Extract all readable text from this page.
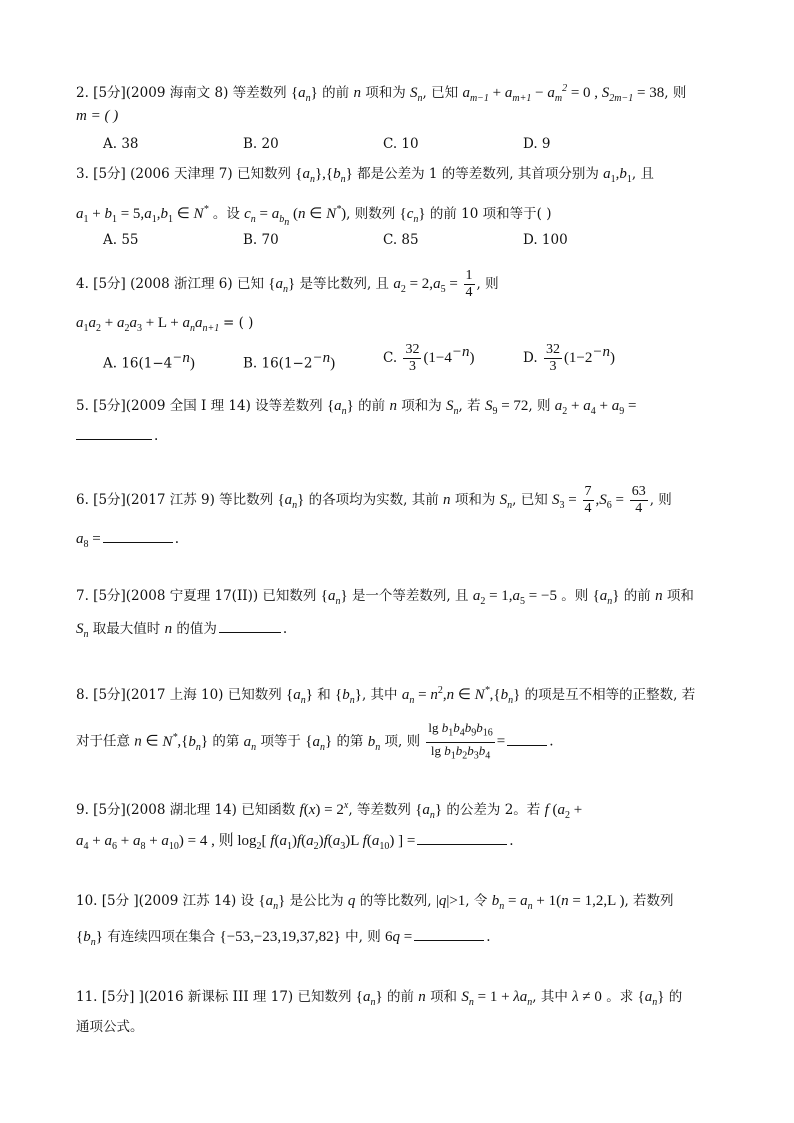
2. [5分](2009 海南文 8) 等差数列 $\{a_n\}$ 的前 n 项和为 $S_n$, 已知 $a_{m-1} + a_{m+1} - a_m^2 = 0$ , $S_{2m-1} = 38$, 则
m = ( )
A. 38	B. 20	C. 10	D. 9
3. [5分] (2006 天津理 7) 已知数列 $\{a_n\},\{b_n\}$ 都是公差为 1 的等差数列, 其首项分别为 $a_1,b_1$, 且
$a_1 + b_1 = 5,a_1,b_1$ ∈ N* 。设 $c_n = a_{b_n}$ (n ∈ N*), 则数列 $\{c_n\}$ 的前 10 项和等于( )
A. 55	B. 70	C. 85	D. 100
4. [5分] (2008 浙江理 6) 已知 $\{a_n\}$ 是等比数列, 且 $a_2 = 2,a_5 = \frac{1}{4}$ , 则
$a_1a_2 + a_2a_3 + L + a_na_{n+1}$ = ( )
A. $16(1-4^{-n})$	B. $16(1-2^{-n})$	C. $\frac{32}{3} (1-4^{-n})$	D. $\frac{32}{3} (1-2^{-n})$
5. [5分](2009 全国 I 理 14) 设等差数列 $\{a_n\}$ 的前 n 项和为 $S_n$, 若 $S_9 = 72$, 则 $a_2 + a_4 + a_9$ =
.
6. [5分](2017 江苏 9) 等比数列 $\{a_n\}$ 的各项均为实数, 其前 n 项和为 $S_n$, 已知 $S_3 = \frac{7}{4} ,S_6 = \frac{63}{4}$ , 则
$a_8$ =	.
7. [5分](2008 宁夏理 17(II)) 已知数列 $\{a_n\}$ 是一个等差数列, 且 $a_2 = 1,a_5 = -5$ 。则 $\{a_n\}$ 的前 n 项和
$S_n$ 取最大值时 n 的值为	.
8. [5分](2017 上海 10) 已知数列 $\{a_n\}$ 和 $\{b_n\}$, 其中 $a_n = n^2,n$ ∈ $N^*,\{b_n\}$ 的项是互不相等的正整数, 若
对于任意 n ∈ $N^*,\{b_n\}$ 的第 $a_n$ 项等于 $\{a_n\}$ 的第 $b_n$ 项, 则 $\frac{\lg b_1b_4b_9b_{16}}{\lg b_1b_2b_3b_4}$ =	.
9. [5分](2008 湖北理 14) 已知函数 $f(x) = 2^x$, 等差数列 $\{a_n\}$ 的公差为 2。若 f ($a_2$ +
$a_4 + a_6 + a_8 + a_{10}) = 4$ , 则 $\log_2$[ $f(a_1)f(a_2)f(a_3)L$ $f(a_{10})$ ] =	.
10. [5分 ](2009 江苏 14) 设 $\{a_n\}$ 是公比为 q 的等比数列, |q|>1, 令 $b_n = a_n + 1(n = 1,2,L$ ), 若数列
$\{b_n\}$ 有连续四项在集合 {−53,−23,19,37,82} 中, 则 6q =	.
11. [5分] ](2016 新课标 III 理 17) 已知数列 $\{a_n\}$ 的前 n 项和 $S_n = 1 + \lambda a_n$, 其中 λ ≠ 0 。求 $\{a_n\}$ 的
通项公式。
